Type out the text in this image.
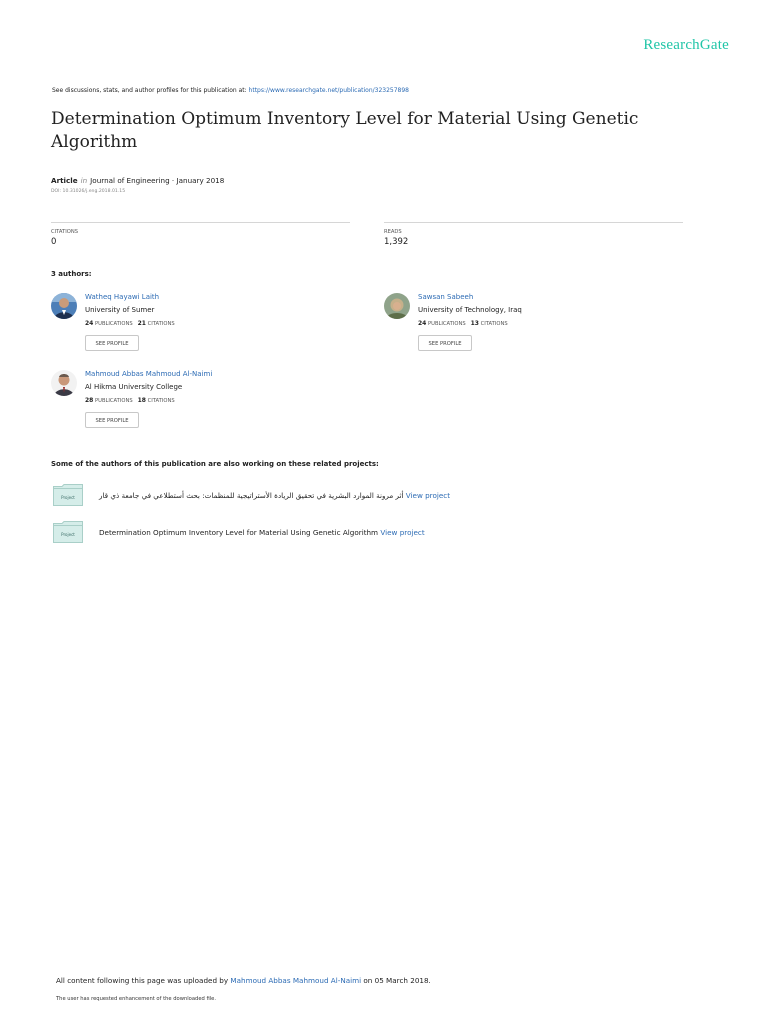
ResearchGate
See discussions, stats, and author profiles for this publication at: https://www.researchgate.net/publication/323257898
Determination Optimum Inventory Level for Material Using Genetic Algorithm
Article in Journal of Engineering · January 2018
DOI: 10.31026/j.eng.2018.01.15
CITATIONS
0
READS
1,392
3 authors:
Watheq Hayawi Laith
University of Sumer
24 PUBLICATIONS 21 CITATIONS
SEE PROFILE
Sawsan Sabeeh
University of Technology, Iraq
24 PUBLICATIONS 13 CITATIONS
SEE PROFILE
Mahmoud Abbas Mahmoud Al-Naimi
Al Hikma University College
28 PUBLICATIONS 18 CITATIONS
SEE PROFILE
Some of the authors of this publication are also working on these related projects:
Project	أثر مرونة الموارد البشرية في تحقيق الريادة الأستراتيجية للمنظمات: بحث أستطلاعي في جامعة ذي قار View project
Project	Determination Optimum Inventory Level for Material Using Genetic Algorithm View project
All content following this page was uploaded by Mahmoud Abbas Mahmoud Al-Naimi on 05 March 2018.
The user has requested enhancement of the downloaded file.
